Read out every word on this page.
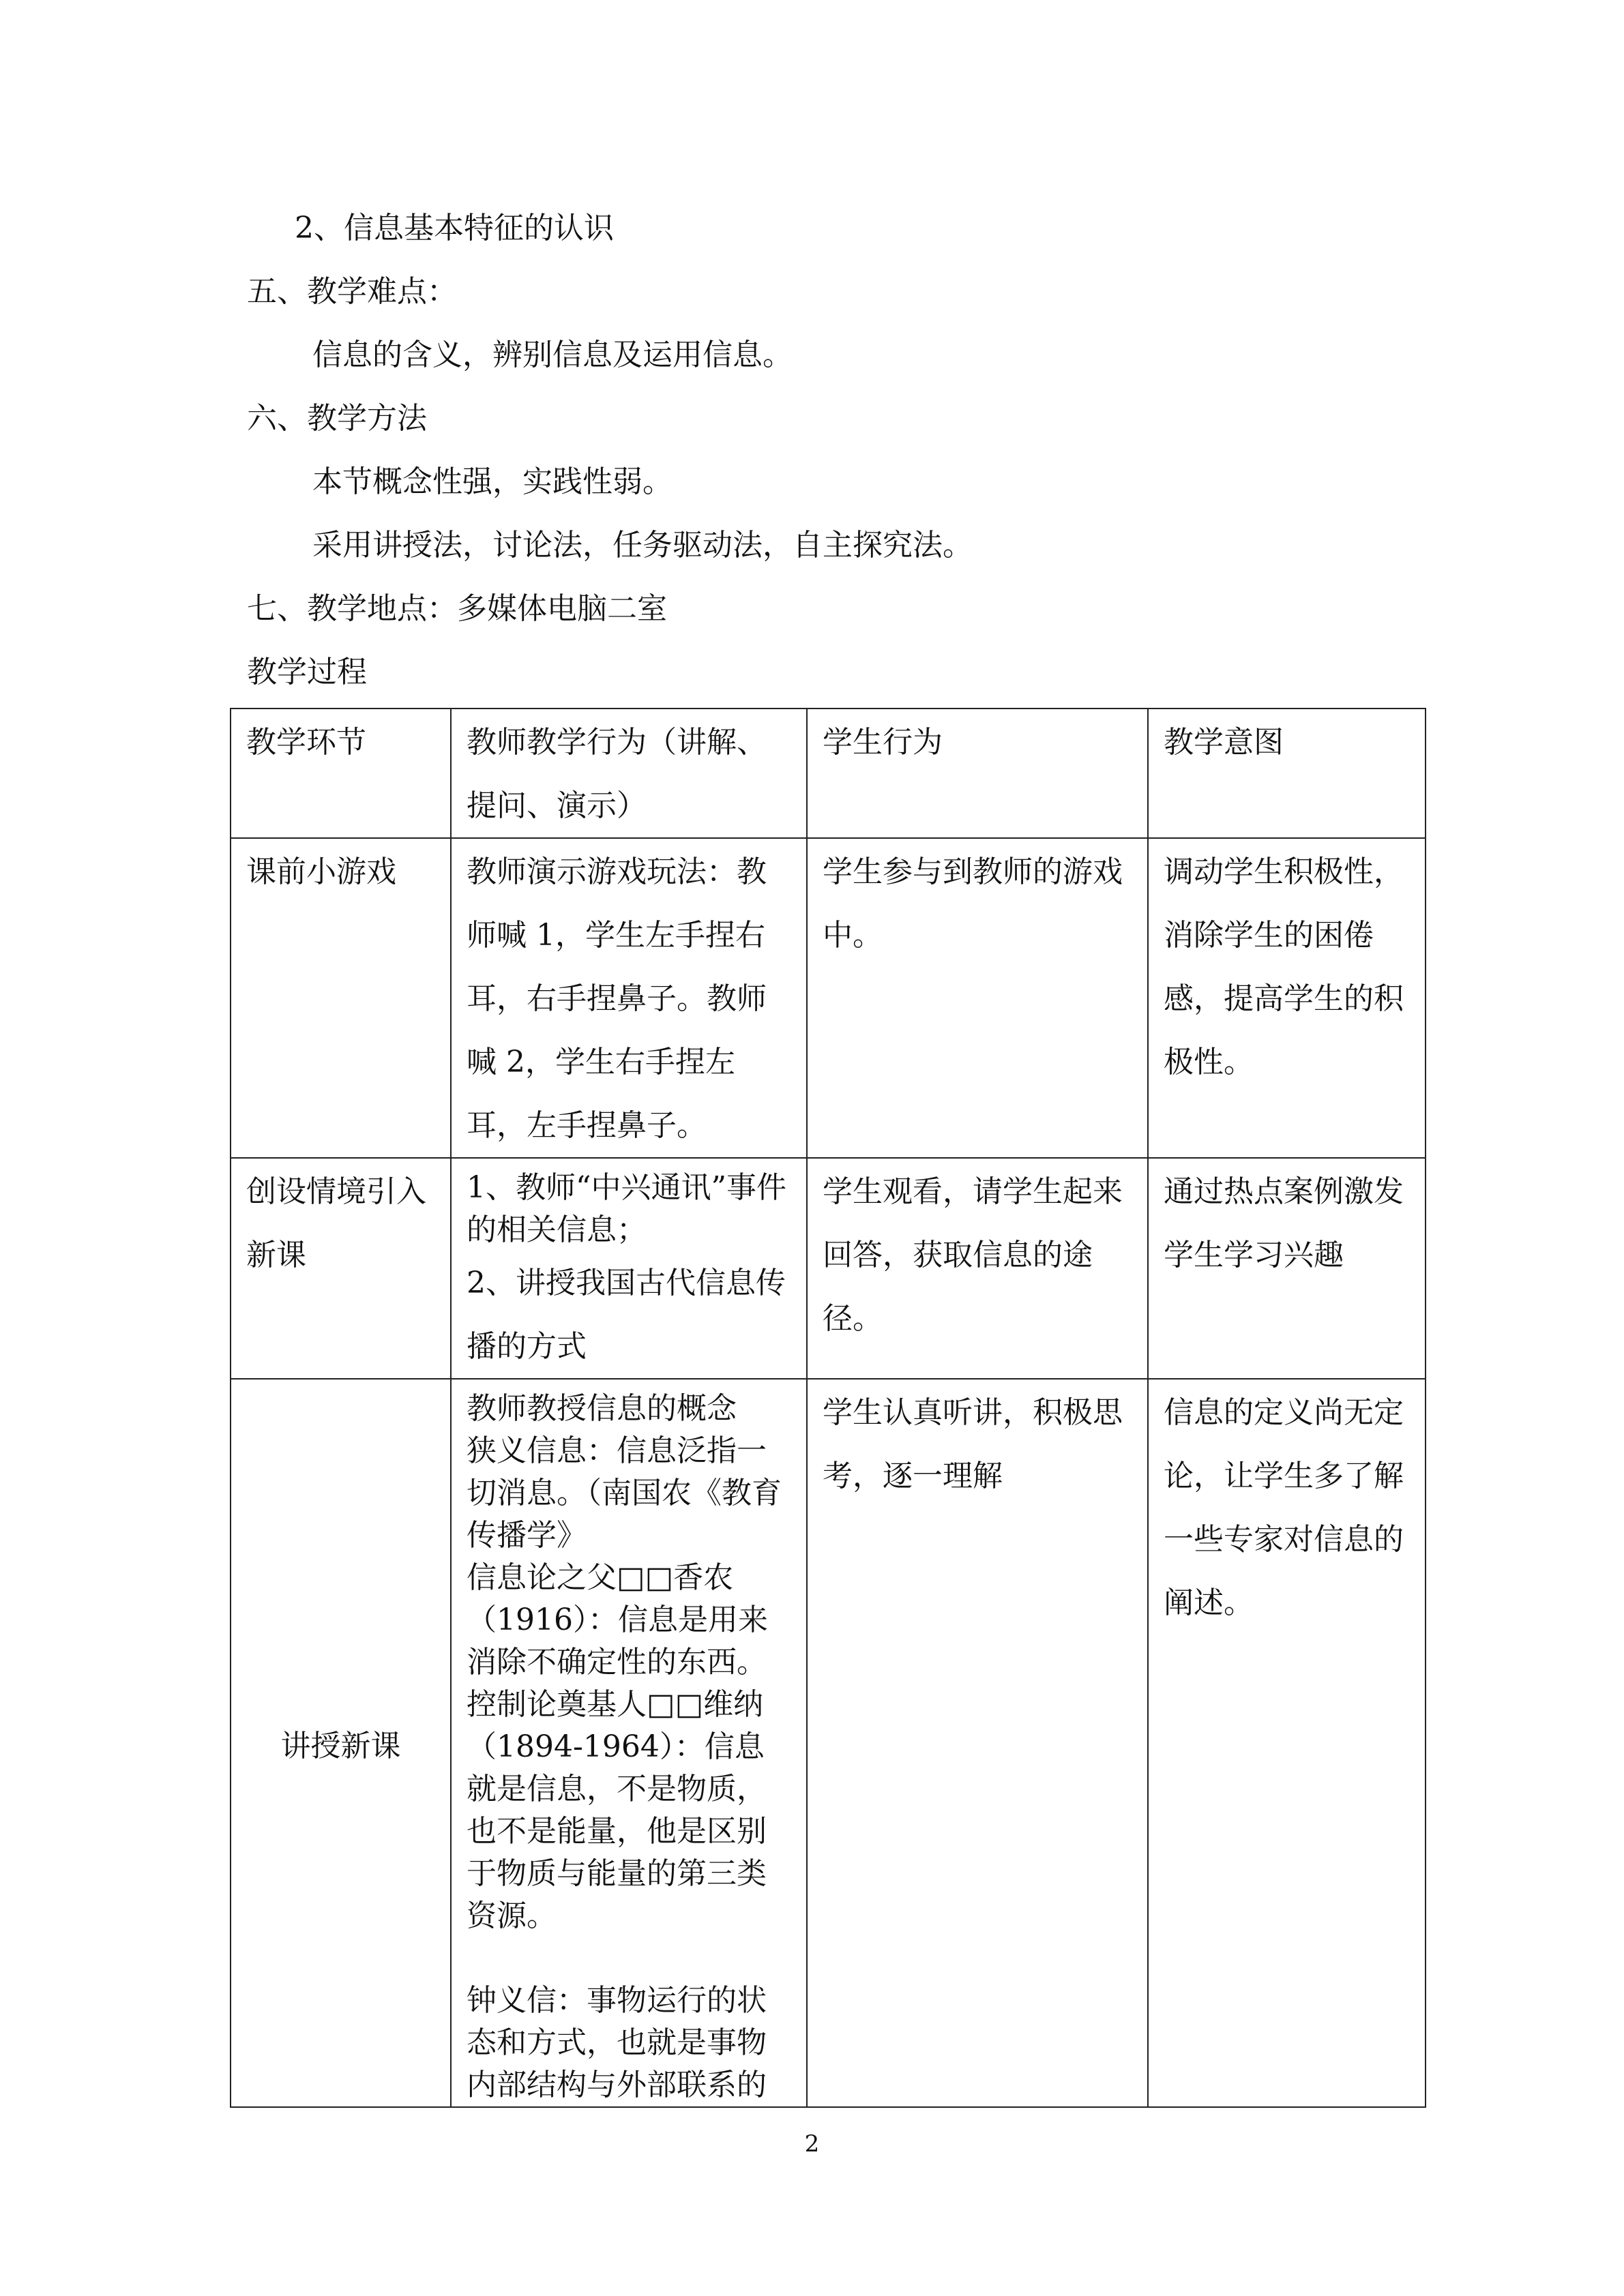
2、信息基本特征的认识
五、教学难点：
信息的含义，辨别信息及运用信息。
六、教学方法
本节概念性强，实践性弱。
采用讲授法，讨论法，任务驱动法，自主探究法。
七、教学地点：多媒体电脑二室
教学过程
教学环节	教师教学行为（讲解、提问、演示）	学生行为	教学意图

课前小游戏	教师演示游戏玩法：教师喊 1，学生左手捏右耳，右手捏鼻子。教师喊 2，学生右手捏左耳，左手捏鼻子。	学生参与到教师的游戏中。	调动学生积极性，消除学生的困倦感，提高学生的积极性。

创设情境引入新课	1、教师“中兴通讯”事件的相关信息；
2、讲授我国古代信息传播的方式	学生观看，请学生起来回答，获取信息的途径。	通过热点案例激发学生学习兴趣

讲授新课	教师教授信息的概念
狭义信息：信息泛指一切消息。（南国农《教育传播学》
信息论之父□□香农（1916）：信息是用来消除不确定性的东西。
控制论奠基人□□维纳（1894-1964）：信息就是信息，不是物质，也不是能量，他是区别于物质与能量的第三类资源。
钟义信：事物运行的状态和方式，也就是事物内部结构与外部联系的	学生认真听讲，积极思考，逐一理解	信息的定义尚无定论，让学生多了解一些专家对信息的阐述。
2
